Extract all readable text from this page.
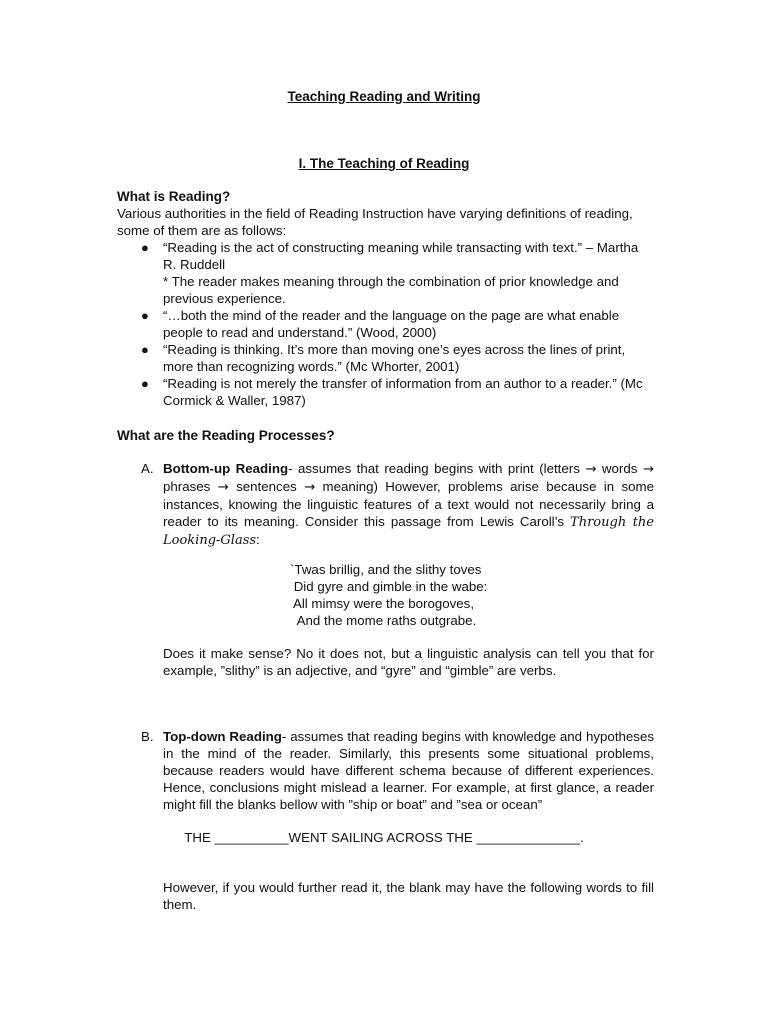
Teaching Reading and Writing
I. The Teaching of Reading
What is Reading?
Various authorities in the field of Reading Instruction have varying definitions of reading, some of them are as follows:
● “Reading is the act of constructing meaning while transacting with text.” – Martha R. Ruddell
* The reader makes meaning through the combination of prior knowledge and previous experience.
● “…both the mind of the reader and the language on the page are what enable people to read and understand.” (Wood, 2000)
● “Reading is thinking. It’s more than moving one’s eyes across the lines of print, more than recognizing words.” (Mc Whorter, 2001)
● “Reading is not merely the transfer of information from an author to a reader.” (Mc Cormick & Waller, 1987)
What are the Reading Processes?
A. Bottom-up Reading- assumes that reading begins with print (letters → words → phrases → sentences → meaning) However, problems arise because in some instances, knowing the linguistic features of a text would not necessarily bring a reader to its meaning. Consider this passage from Lewis Caroll’s Through the Looking-Glass:
`Twas brillig, and the slithy toves
Did gyre and gimble in the wabe:
All mimsy were the borogoves,
And the mome raths outgrabe.
Does it make sense? No it does not, but a linguistic analysis can tell you that for example, ”slithy” is an adjective, and “gyre” and “gimble” are verbs.
B. Top-down Reading- assumes that reading begins with knowledge and hypotheses in the mind of the reader. Similarly, this presents some situational problems, because readers would have different schema because of different experiences. Hence, conclusions might mislead a learner. For example, at first glance, a reader might fill the blanks bellow with ”ship or boat” and ”sea or ocean”
THE __________WENT SAILING ACROSS THE ______________.
However, if you would further read it, the blank may have the following words to fill them.
